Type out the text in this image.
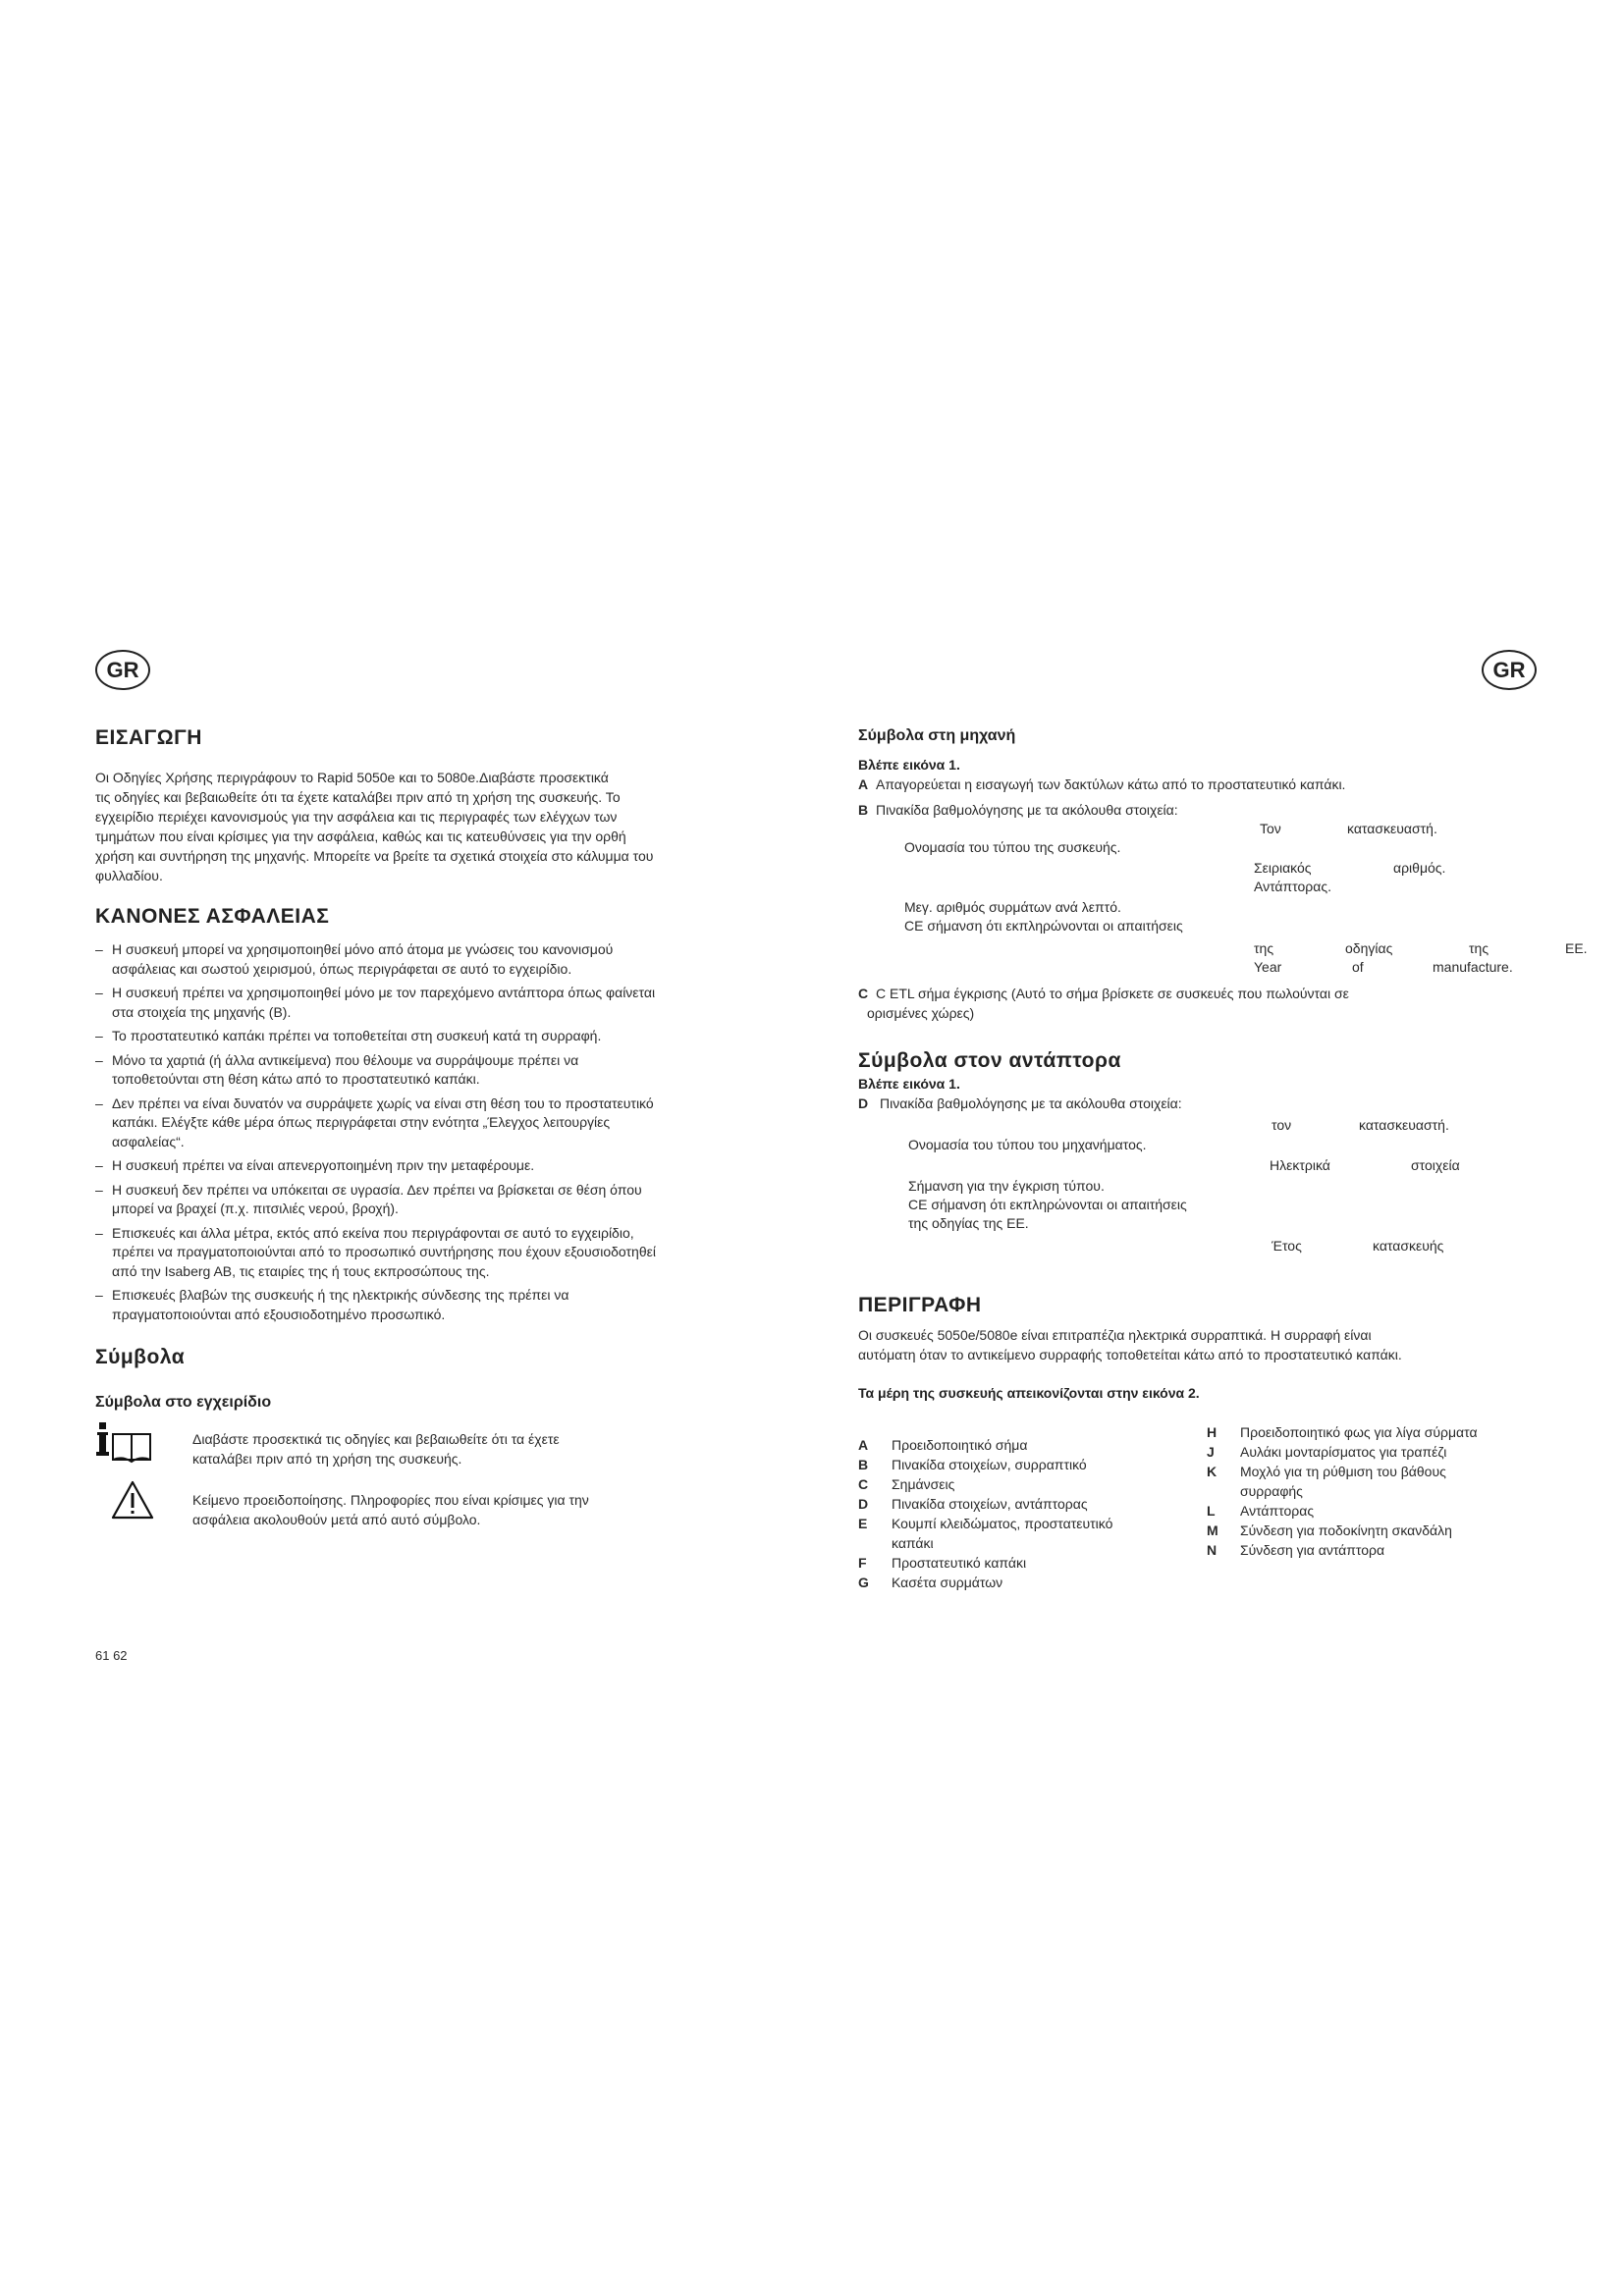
GR	GR
ΕΙΣΑΓΩΓΗ

Οι Οδηγίες Χρήσης περιγράφουν το Rapid 5050e και το 5080e.Διαβάστε προσεκτικά

τις οδηγίες και βεβαιωθείτε ότι τα έχετε καταλάβει πριν από τη χρήση της συσκευής. Το

εγχειρίδιο περιέχει κανονισμούς για την ασφάλεια και τις περιγραφές των ελέγχων των

τμημάτων που είναι κρίσιμες για την ασφάλεια, καθώς και τις κατευθύνσεις για την ορθή

χρήση και συντήρηση της μηχανής. Μπορείτε να βρείτε τα σχετικά στοιχεία στο κάλυμμα του

φυλλαδίου.

ΚΑΝΟΝΕΣ ΑΣΦΑΛΕΙΑΣ
– Η συσκευή μπορεί να χρησιμοποιηθεί μόνο από άτομα με γνώσεις του κανονισμού
ασφάλειας και σωστού χειρισμού, όπως περιγράφεται σε αυτό το εγχειρίδιο.
– Η συσκευή πρέπει να χρησιμοποιηθεί μόνο με τον παρεχόμενο αντάπτορα όπως φαίνεται
στα στοιχεία της μηχανής (B).
– Το προστατευτικό καπάκι πρέπει να τοποθετείται στη συσκευή κατά τη συρραφή.
– Μόνο τα χαρτιά (ή άλλα αντικείμενα) που θέλουμε να συρράψουμε πρέπει να
τοποθετούνται στη θέση κάτω από το προστατευτικό καπάκι.
– Δεν πρέπει να είναι δυνατόν να συρράψετε χωρίς να είναι στη θέση του το προστατευτικό
καπάκι. Ελέγξτε κάθε μέρα όπως περιγράφεται στην ενότητα „Έλεγχος λειτουργίες
ασφαλείας“.
– Η συσκευή πρέπει να είναι απενεργοποιημένη πριν την μεταφέρουμε.
– Η συσκευή δεν πρέπει να υπόκειται σε υγρασία. Δεν πρέπει να βρίσκεται σε θέση όπου
μπορεί να βραχεί (π.χ. πιτσιλιές νερού, βροχή).
– Επισκευές και άλλα μέτρα, εκτός από εκείνα που περιγράφονται σε αυτό το εγχειρίδιο,
πρέπει να πραγματοποιούνται από το προσωπικό συντήρησης που έχουν εξουσιοδοτηθεί
από την Isaberg AB, τις εταιρίες της ή τους εκπροσώπους της.
– Επισκευές βλαβών της συσκευής ή της ηλεκτρικής σύνδεσης της πρέπει να
πραγματοποιούνται από εξουσιοδοτημένο προσωπικό.
Σύμβολα
Σύμβολα στο εγχειρίδιο
Διαβάστε προσεκτικά τις οδηγίες και βεβαιωθείτε ότι τα έχετε
καταλάβει πριν από τη χρήση της συσκευής.
Κείμενο προειδοποίησης. Πληροφορίες που είναι κρίσιμες για την
ασφάλεια ακολουθούν μετά από αυτό σύμβολο.
61 62
Σύμβολα στη μηχανή
Βλέπε εικόνα 1.
A Απαγορεύεται η εισαγωγή των δακτύλων κάτω από το προστατευτικό καπάκι.
B Πινακίδα βαθμολόγησης με τα ακόλουθα στοιχεία:
Τον	κατασκευαστή.
Ονομασία του τύπου της συσκευής.
Σειριακός	αριθμός.
Αντάπτορας.
Μεγ. αριθμός συρμάτων ανά λεπτό.
CE σήμανση ότι εκπληρώνονται οι απαιτήσεις
της	οδηγίας	της	EE.
Year	of	manufacture.
C C ETL σήμα έγκρισης (Αυτό το σήμα βρίσκετε σε συσκευές που πωλούνται σε
ορισμένες χώρες)
Σύμβολα στον αντάπτορα
Βλέπε εικόνα 1.
D Πινακίδα βαθμολόγησης με τα ακόλουθα στοιχεία:
τον	κατασκευαστή.
Ονομασία του τύπου του μηχανήματος.
Ηλεκτρικά	στοιχεία
Σήμανση για την έγκριση τύπου.
CE σήμανση ότι εκπληρώνονται οι απαιτήσεις
της οδηγίας της EE.
Έτος	κατασκευής
ΠΕΡΙΓΡΑΦΗ

Οι συσκευές 5050e/5080e είναι επιτραπέζια ηλεκτρικά συρραπτικά. Η συρραφή είναι

αυτόματη όταν το αντικείμενο συρραφής τοποθετείται κάτω από το προστατευτικό καπάκι.

Τα μέρη της συσκευής απεικονίζονται στην εικόνα 2.
A	Προειδοποιητικό σήμα
B	Πινακίδα στοιχείων, συρραπτικό
C	Σημάνσεις
D	Πινακίδα στοιχείων, αντάπτορας
E	Κουμπί κλειδώματος, προστατευτικό
καπάκι
F	Προστατευτικό καπάκι
G	Κασέτα συρμάτων
H	Προειδοποιητικό φως για λίγα σύρματα
J	Αυλάκι μονταρίσματος για τραπέζι
K	Μοχλό για τη ρύθμιση του βάθους
συρραφής
L	Αντάπτορας
M	Σύνδεση για ποδοκίνητη σκανδάλη
N	Σύνδεση για αντάπτορα
